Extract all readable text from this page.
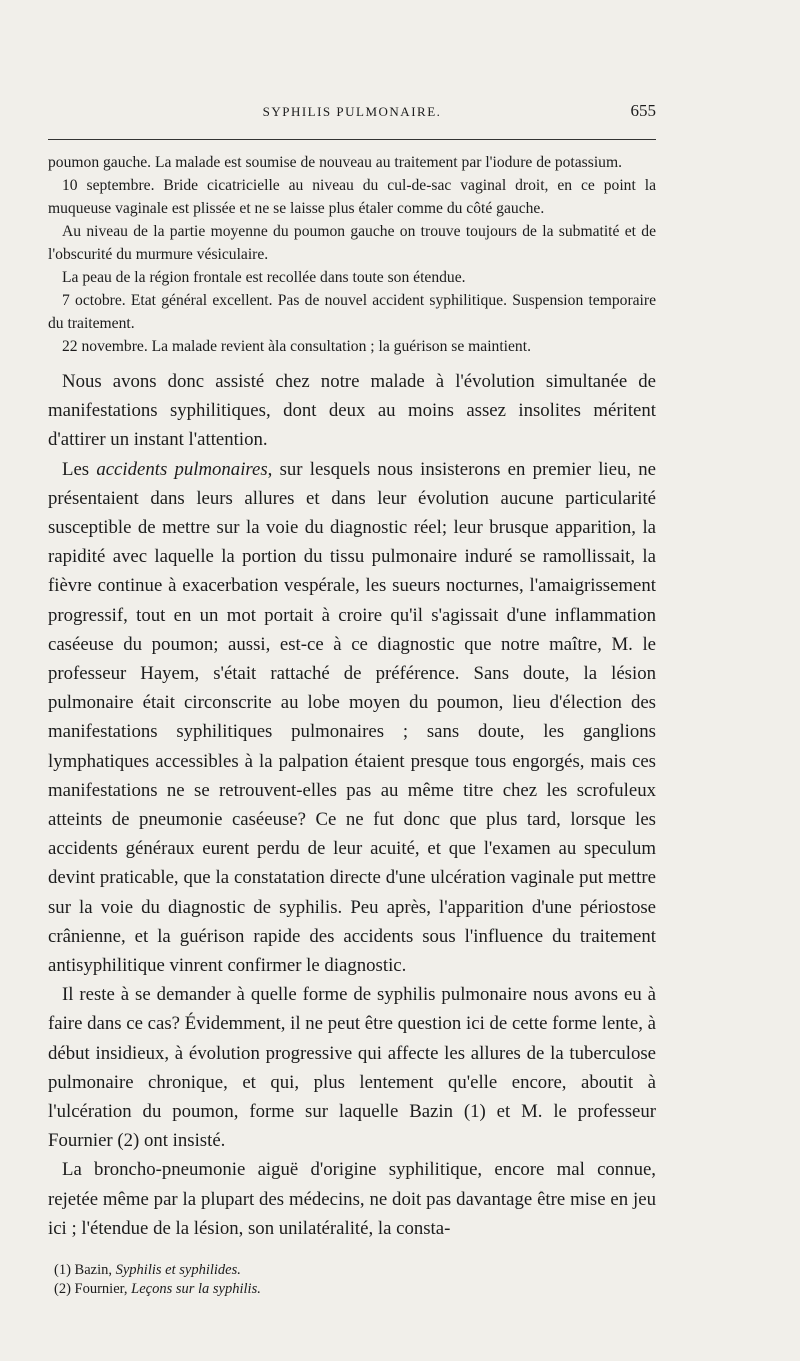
SYPHILIS PULMONAIRE.	655

poumon gauche. La malade est soumise de nouveau au traitement par l'iodure de potassium.

10 septembre. Bride cicatricielle au niveau du cul-de-sac vaginal droit, en ce point la muqueuse vaginale est plissée et ne se laisse plus étaler comme du côté gauche.

Au niveau de la partie moyenne du poumon gauche on trouve toujours de la submatité et de l'obscurité du murmure vésiculaire.

La peau de la région frontale est recollée dans toute son étendue.

7 octobre. Etat général excellent. Pas de nouvel accident syphilitique. Suspension temporaire du traitement.

22 novembre. La malade revient àla consultation ; la guérison se maintient.

Nous avons donc assisté chez notre malade à l'évolution simultanée de manifestations syphilitiques, dont deux au moins assez insolites méritent d'attirer un instant l'attention.

Les accidents pulmonaires, sur lesquels nous insisterons en premier lieu, ne présentaient dans leurs allures et dans leur évolution aucune particularité susceptible de mettre sur la voie du diagnostic réel; leur brusque apparition, la rapidité avec laquelle la portion du tissu pulmonaire induré se ramollissait, la fièvre continue à exacerbation vespérale, les sueurs nocturnes, l'amaigrissement progressif, tout en un mot portait à croire qu'il s'agissait d'une inflammation caséeuse du poumon; aussi, est-ce à ce diagnostic que notre maître, M. le professeur Hayem, s'était rattaché de préférence. Sans doute, la lésion pulmonaire était circonscrite au lobe moyen du poumon, lieu d'élection des manifestations syphilitiques pulmonaires ; sans doute, les ganglions lymphatiques accessibles à la palpation étaient presque tous engorgés, mais ces manifestations ne se retrouvent-elles pas au même titre chez les scrofuleux atteints de pneumonie caséeuse? Ce ne fut donc que plus tard, lorsque les accidents généraux eurent perdu de leur acuité, et que l'examen au speculum devint praticable, que la constatation directe d'une ulcération vaginale put mettre sur la voie du diagnostic de syphilis. Peu après, l'apparition d'une périostose crânienne, et la guérison rapide des accidents sous l'influence du traitement antisyphilitique vinrent confirmer le diagnostic.

Il reste à se demander à quelle forme de syphilis pulmonaire nous avons eu à faire dans ce cas? Évidemment, il ne peut être question ici de cette forme lente, à début insidieux, à évolution progressive qui affecte les allures de la tuberculose pulmonaire chronique, et qui, plus lentement qu'elle encore, aboutit à l'ulcération du poumon, forme sur laquelle Bazin (1) et M. le professeur Fournier (2) ont insisté.

La broncho-pneumonie aiguë d'origine syphilitique, encore mal connue, rejetée même par la plupart des médecins, ne doit pas davantage être mise en jeu ici ; l'étendue de la lésion, son unilatéralité, la consta-

(1) Bazin, Syphilis et syphilides.

(2) Fournier, Leçons sur la syphilis.
